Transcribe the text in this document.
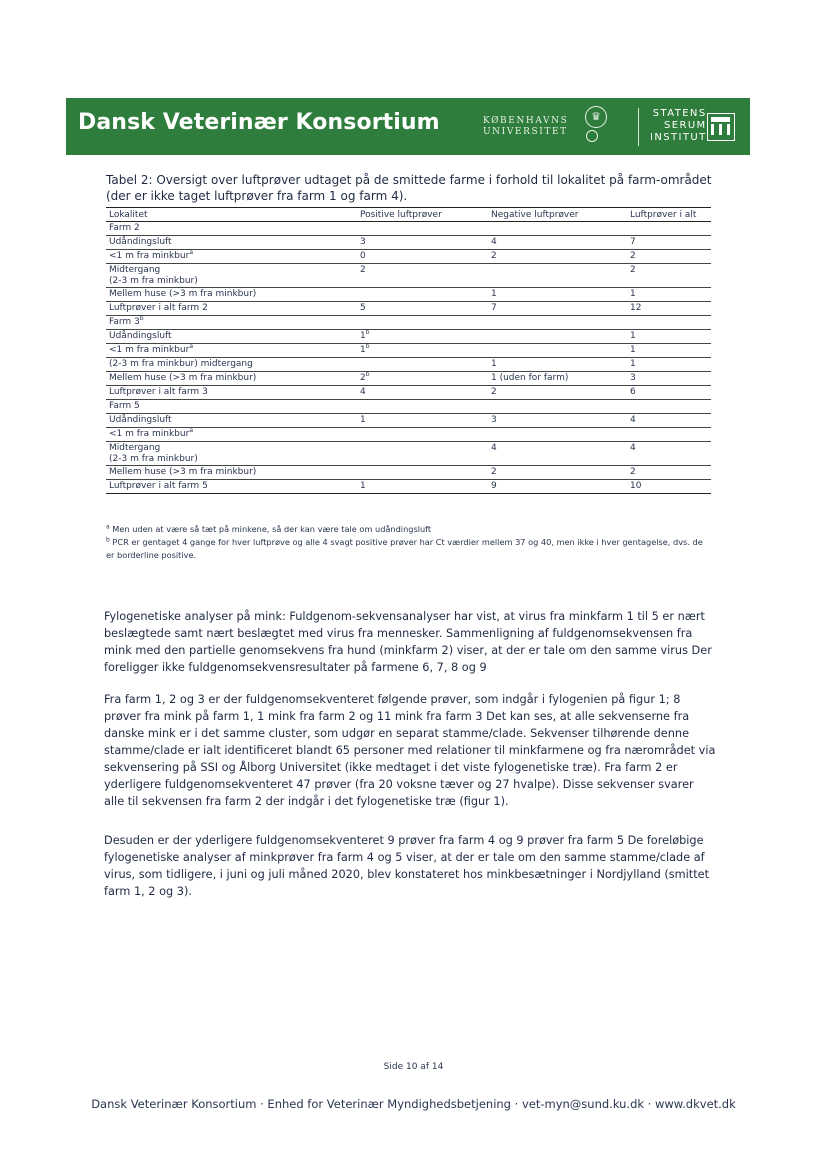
Dansk Veterinær Konsortium	KØBENHAVNS
UNIVERSITET
♛	STATENS
SERUM
INSTITUT
Tabel 2: Oversigt over luftprøver udtaget på de smittede farme i forhold til lokalitet på farm-området (der er ikke taget luftprøver fra farm 1 og farm 4).
Lokalitet	Positive luftprøver	Negative luftprøver	Luftprøver i alt
Farm 2			
Udåndingsluft	3	4	7
<1 m fra minkbur$^a$	0	2	2

Midtergang
(2-3 m fra minkbur)	2		2
Mellem huse (>3 m fra minkbur)		1	1
Luftprøver i alt farm 2	5	7	12
Farm 3$^b$			
Udåndingsluft	1$^b$		1
<1 m fra minkbur$^a$	1$^b$		1
(2-3 m fra minkbur) midtergang		1	1
Mellem huse (>3 m fra minkbur)	2$^b$	1 (uden for farm)	3
Luftprøver i alt farm 3	4	2	6
Farm 5			
Udåndingsluft	1	3	4
<1 m fra minkbur$^a$			

Midtergang
(2-3 m fra minkbur)		4	4
Mellem huse (>3 m fra minkbur)		2	2
Luftprøver i alt farm 5	1	9	10
$^a$ Men uden at være så tæt på minkene, så der kan være tale om udåndingsluft
$^b$ PCR er gentaget 4 gange for hver luftprøve og alle 4 svagt positive prøver har Ct værdier mellem 37 og 40, men ikke i hver gentagelse, dvs. de er borderline positive.

Fylogenetiske analyser på mink: Fuldgenom-sekvensanalyser har vist, at virus fra minkfarm 1 til 5 er nært beslægtede samt nært beslægtet med virus fra mennesker. Sammenligning af fuldgenomsekvensen fra mink med den partielle genomsekvens fra hund (minkfarm 2) viser, at der er tale om den samme virus Der foreligger ikke fuldgenomsekvensresultater på farmene 6, 7, 8 og 9

Fra farm 1, 2 og 3 er der fuldgenomsekventeret følgende prøver, som indgår i fylogenien på figur 1; 8 prøver fra mink på farm 1, 1 mink fra farm 2 og 11 mink fra farm 3 Det kan ses, at alle sekvenserne fra danske mink er i det samme cluster, som udgør en separat stamme/clade. Sekvenser tilhørende denne stamme/clade er ialt identificeret blandt 65 personer med relationer til minkfarmene og fra nærområdet via sekvensering på SSI og Ålborg Universitet (ikke medtaget i det viste fylogenetiske træ). Fra farm 2 er yderligere fuldgenomsekventeret 47 prøver (fra 20 voksne tæver og 27 hvalpe). Disse sekvenser svarer alle til sekvensen fra farm 2 der indgår i det fylogenetiske træ (figur 1).

Desuden er der yderligere fuldgenomsekventeret 9 prøver fra farm 4 og 9 prøver fra farm 5 De foreløbige fylogenetiske analyser af minkprøver fra farm 4 og 5 viser, at der er tale om den samme stamme/clade af virus, som tidligere, i juni og juli måned 2020, blev konstateret hos minkbesætninger i Nordjylland (smittet farm 1, 2 og 3).

Side 10 af 14
Dansk Veterinær Konsortium · Enhed for Veterinær Myndighedsbetjening · vet-myn@sund.ku.dk · www.dkvet.dk
